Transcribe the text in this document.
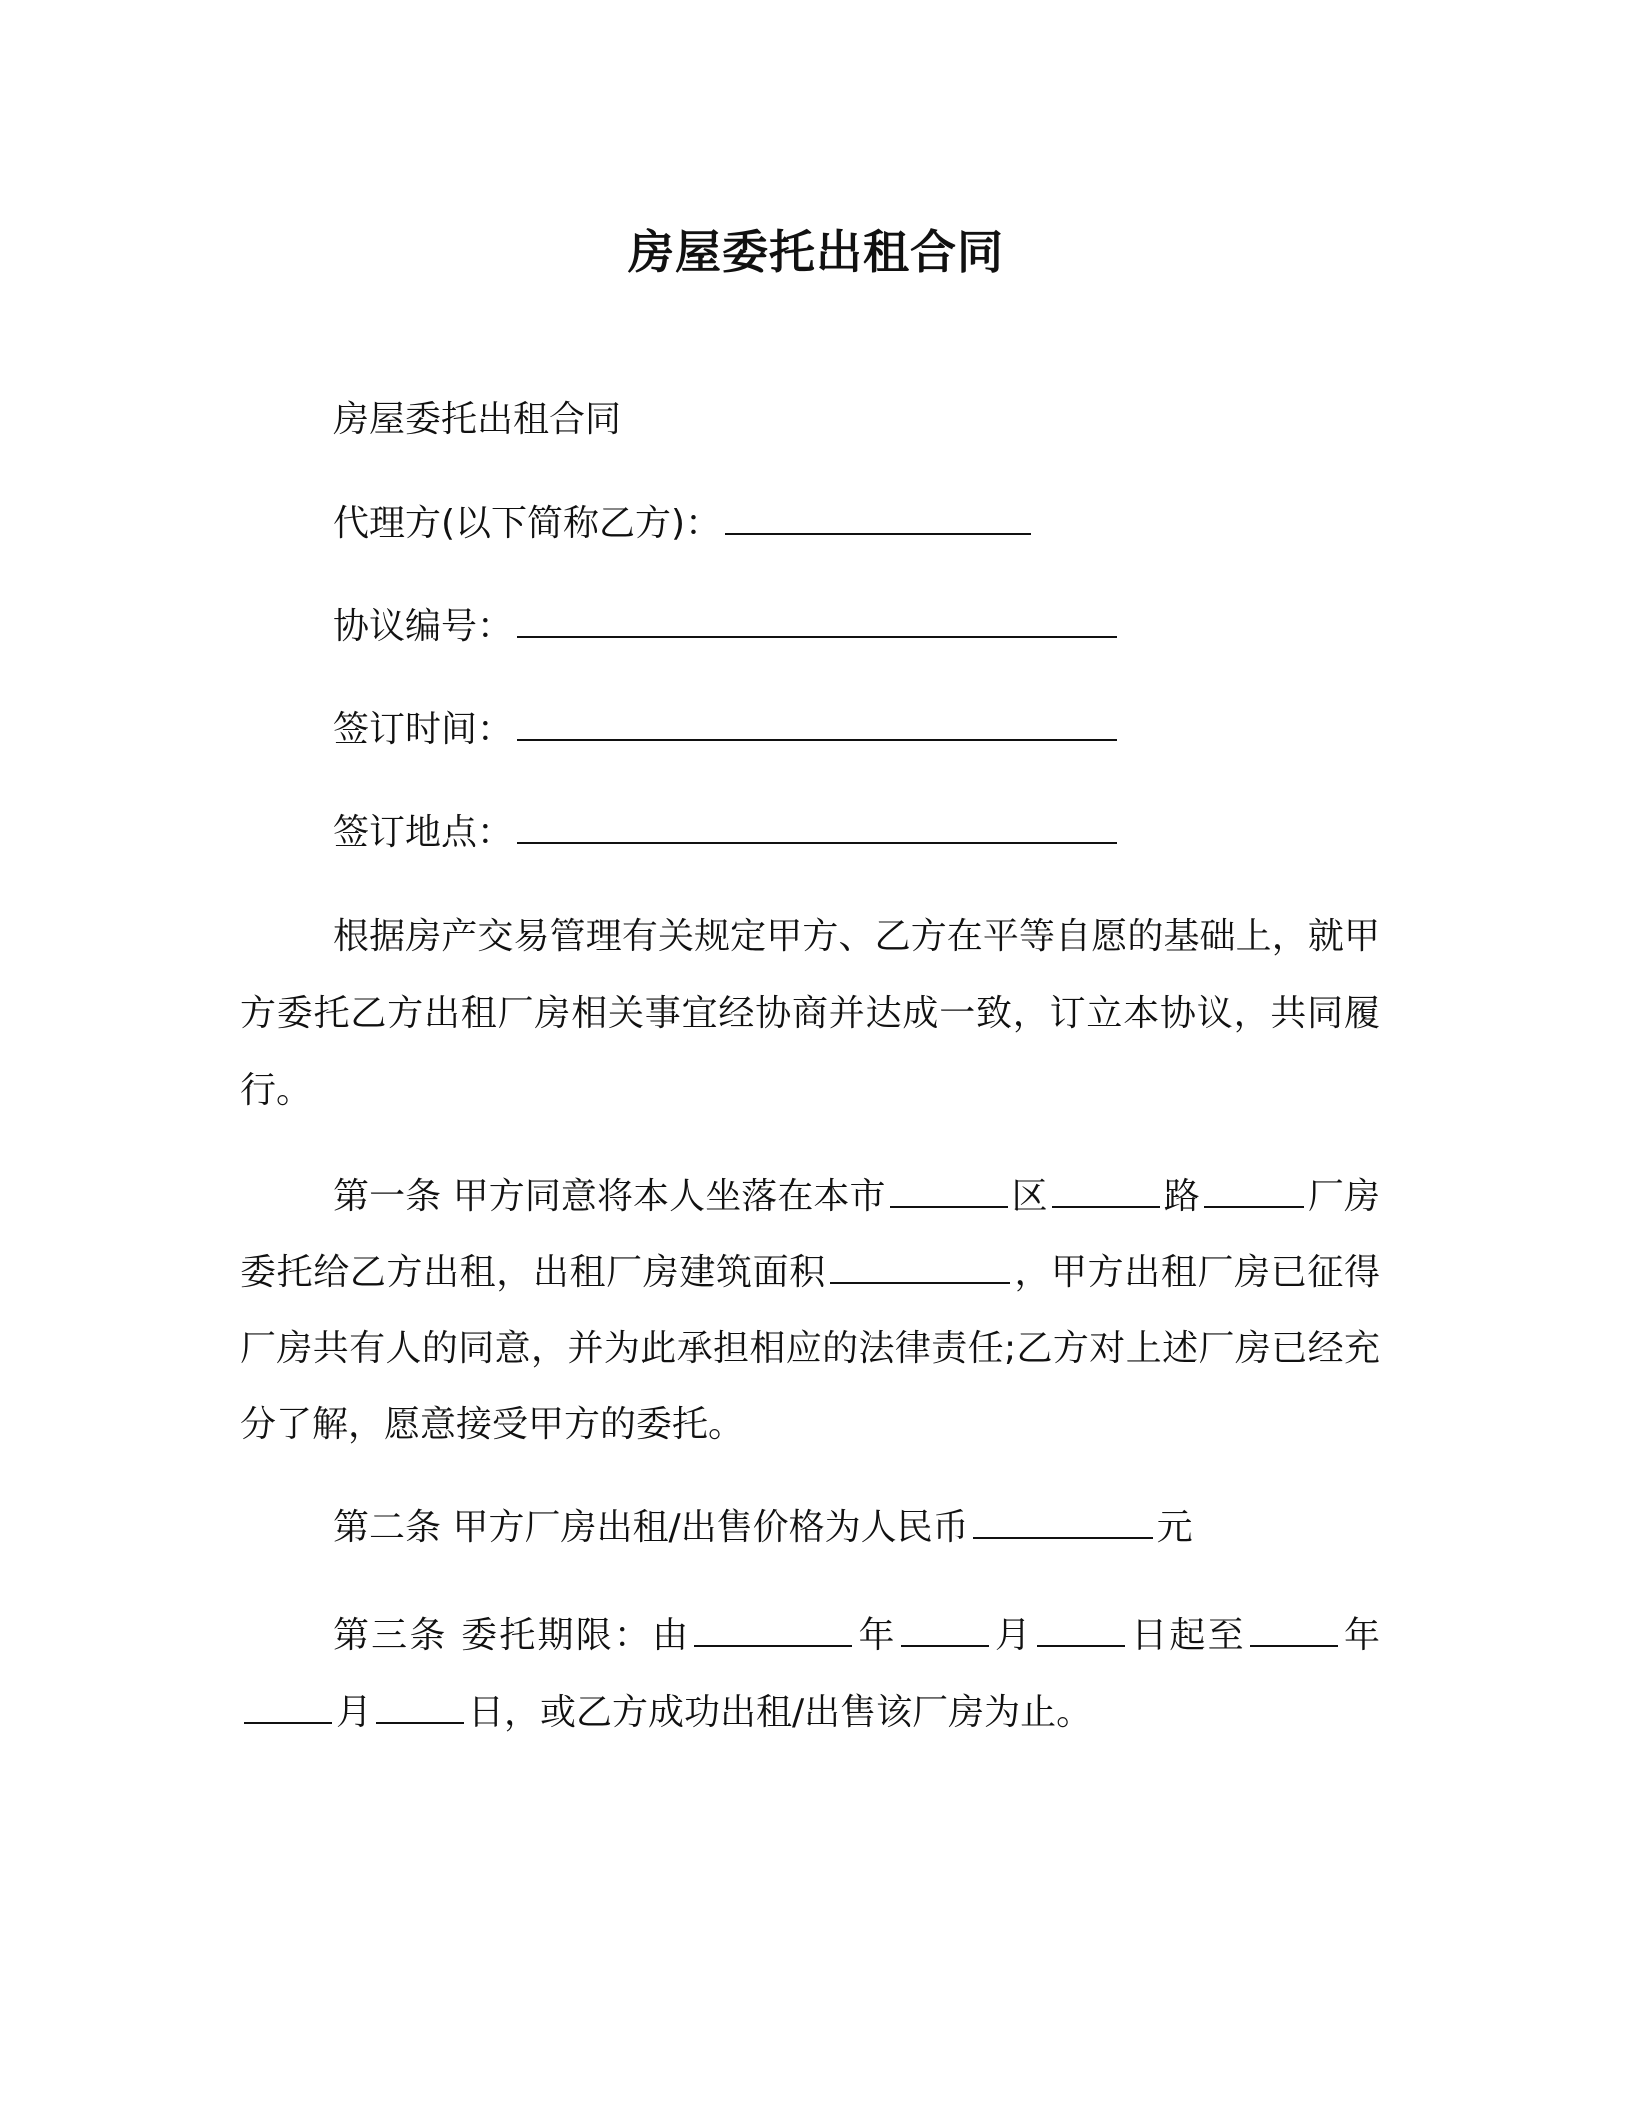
房屋委托出租合同
房屋委托出租合同
代理方(以下简称乙方)：
协议编号：
签订时间：
签订地点：
根据房产交易管理有关规定甲方、乙方在平等自愿的基础上，就甲方委托乙方出租厂房相关事宜经协商并达成一致，订立本协议，共同履行。
第一条 甲方同意将本人坐落在本市	区	路	厂房委托给乙方出租，出租厂房建筑面积	，甲方出租厂房已征得厂房共有人的同意，并为此承担相应的法律责任;乙方对上述厂房已经充分了解，愿意接受甲方的委托。
第二条 甲方厂房出租/出售价格为人民币	元
第三条 委托期限：由	年	月	日起至	年月	日，或乙方成功出租/出售该厂房为止。
